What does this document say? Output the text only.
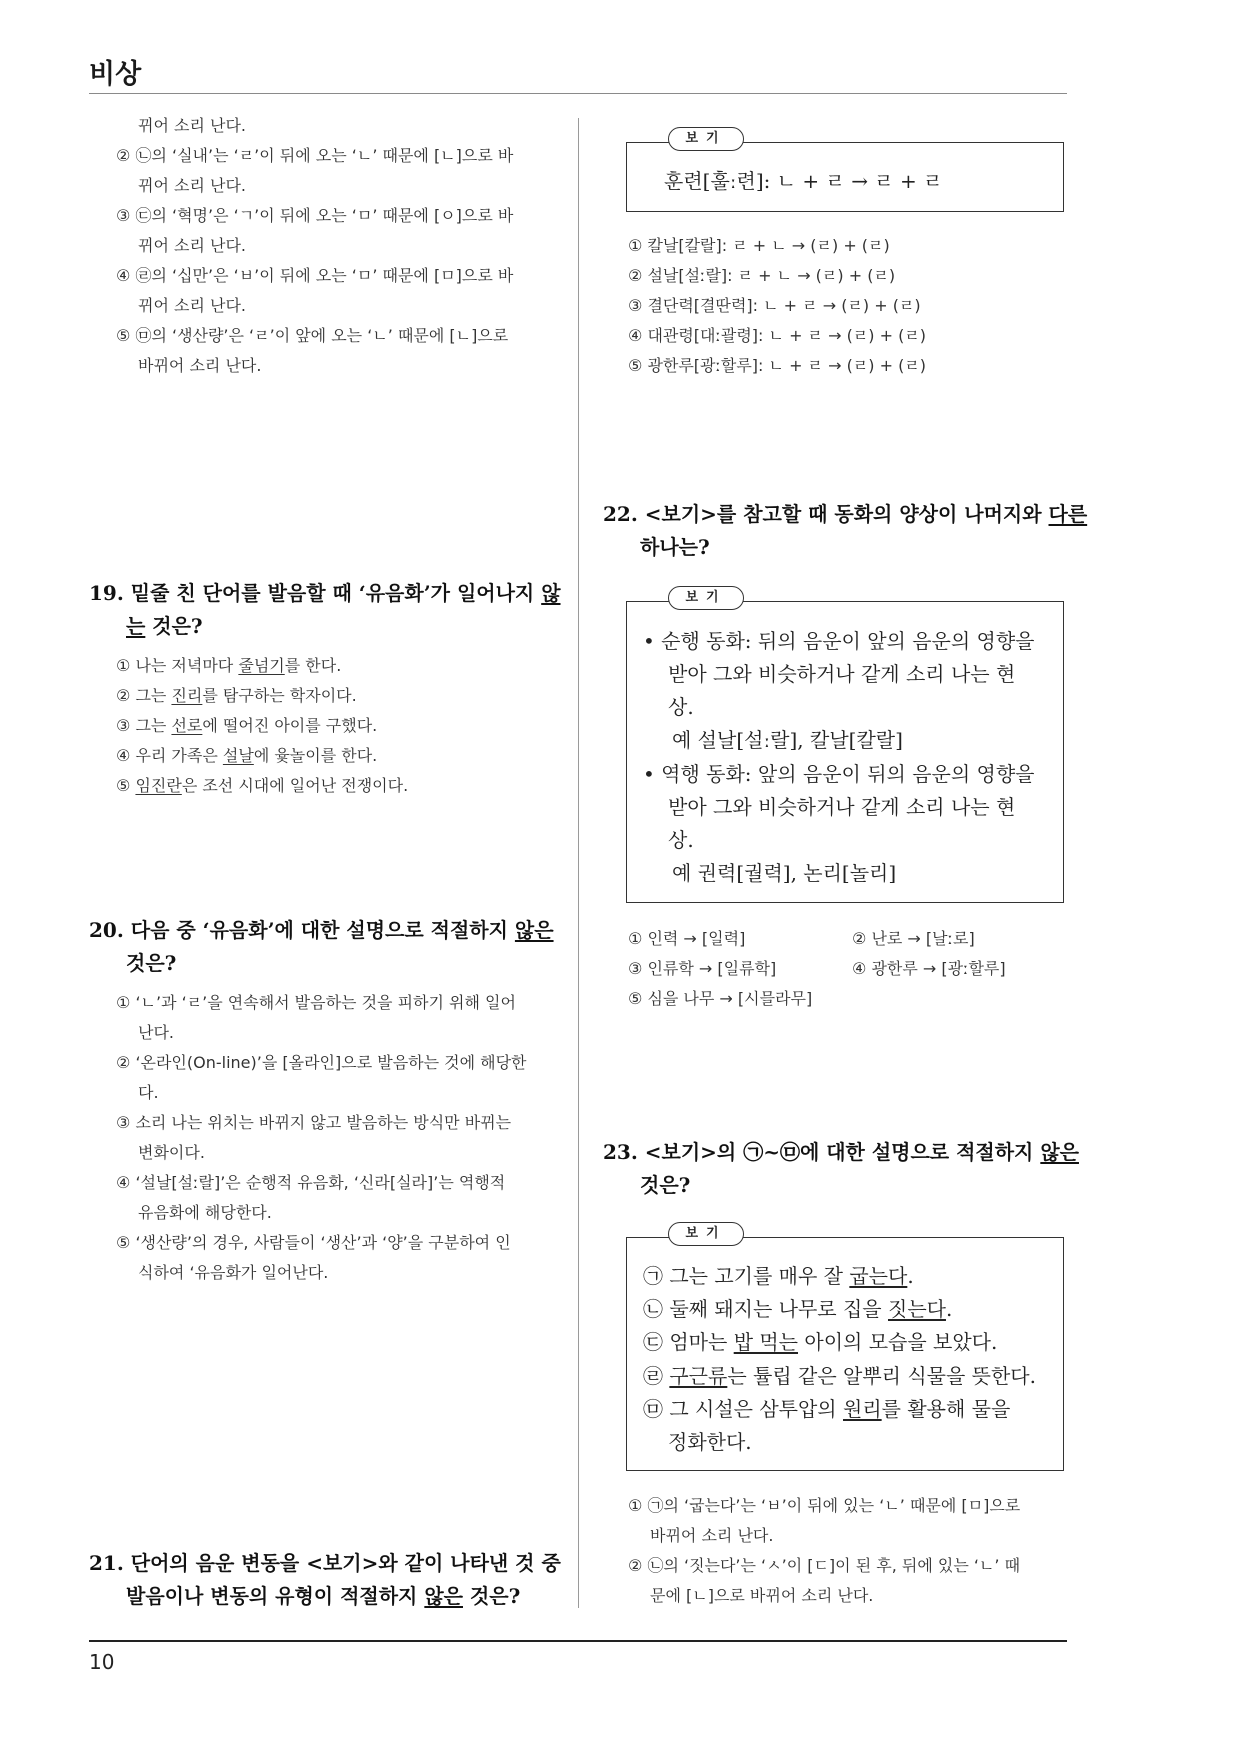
비상
10
뀌어 소리 난다.
② ㉡의 ‘실내’는 ‘ㄹ’이 뒤에 오는 ‘ㄴ’ 때문에 [ㄴ]으로 바
뀌어 소리 난다.
③ ㉢의 ‘혁명’은 ‘ㄱ’이 뒤에 오는 ‘ㅁ’ 때문에 [ㅇ]으로 바
뀌어 소리 난다.
④ ㉣의 ‘십만’은 ‘ㅂ’이 뒤에 오는 ‘ㅁ’ 때문에 [ㅁ]으로 바
뀌어 소리 난다.
⑤ ㉤의 ‘생산량’은 ‘ㄹ’이 앞에 오는 ‘ㄴ’ 때문에 [ㄴ]으로
바뀌어 소리 난다.
19. 밑줄 친 단어를 발음할 때 ‘유음화’가 일어나지 않
는 것은?
① 나는 저녁마다 줄넘기를 한다.
② 그는 진리를 탐구하는 학자이다.
③ 그는 선로에 떨어진 아이를 구했다.
④ 우리 가족은 설날에 윷놀이를 한다.
⑤ 임진란은 조선 시대에 일어난 전쟁이다.
20. 다음 중 ‘유음화’에 대한 설명으로 적절하지 않은
것은?
① ‘ㄴ’과 ‘ㄹ’을 연속해서 발음하는 것을 피하기 위해 일어
난다.
② ‘온라인(On-line)’을 [올라인]으로 발음하는 것에 해당한
다.
③ 소리 나는 위치는 바뀌지 않고 발음하는 방식만 바뀌는
변화이다.
④ ‘설날[설ː랄]’은 순행적 유음화, ‘신라[실라]’는 역행적
유음화에 해당한다.
⑤ ‘생산량’의 경우, 사람들이 ‘생산’과 ‘양’을 구분하여 인
식하여 ‘유음화가 일어난다.
21. 단어의 음운 변동을 <보기>와 같이 나타낸 것 중
발음이나 변동의 유형이 적절하지 않은 것은?
보기
훈련[훌ː련]: ㄴ + ㄹ → ㄹ + ㄹ
① 칼날[칼랄]: ㄹ + ㄴ → (ㄹ) + (ㄹ)
② 설날[설ː랄]: ㄹ + ㄴ → (ㄹ) + (ㄹ)
③ 결단력[결딴력]: ㄴ + ㄹ → (ㄹ) + (ㄹ)
④ 대관령[대ː괄령]: ㄴ + ㄹ → (ㄹ) + (ㄹ)
⑤ 광한루[광ː할루]: ㄴ + ㄹ → (ㄹ) + (ㄹ)
22. <보기>를 참고할 때 동화의 양상이 나머지와 다른
하나는?
보기
• 순행 동화: 뒤의 음운이 앞의 음운의 영향을
받아 그와 비슷하거나 같게 소리 나는 현
상.
예 설날[설ː랄], 칼날[칼랄]
• 역행 동화: 앞의 음운이 뒤의 음운의 영향을
받아 그와 비슷하거나 같게 소리 나는 현
상.
예 권력[궐력], 논리[놀리]
① 인력 → [일력]	② 난로 → [날ː로]
③ 인류학 → [일류학]	④ 광한루 → [광ː할루]
⑤ 심을 나무 → [시믈라무]
23. <보기>의 ㉠~㉤에 대한 설명으로 적절하지 않은
것은?
보기
㉠ 그는 고기를 매우 잘 굽는다.
㉡ 둘째 돼지는 나무로 집을 짓는다.
㉢ 엄마는 밥 먹는 아이의 모습을 보았다.
㉣ 구근류는 튤립 같은 알뿌리 식물을 뜻한다.
㉤ 그 시설은 삼투압의 원리를 활용해 물을
정화한다.
① ㉠의 ‘굽는다’는 ‘ㅂ’이 뒤에 있는 ‘ㄴ’ 때문에 [ㅁ]으로
바뀌어 소리 난다.
② ㉡의 ‘짓는다’는 ‘ㅅ’이 [ㄷ]이 된 후, 뒤에 있는 ‘ㄴ’ 때
문에 [ㄴ]으로 바뀌어 소리 난다.
